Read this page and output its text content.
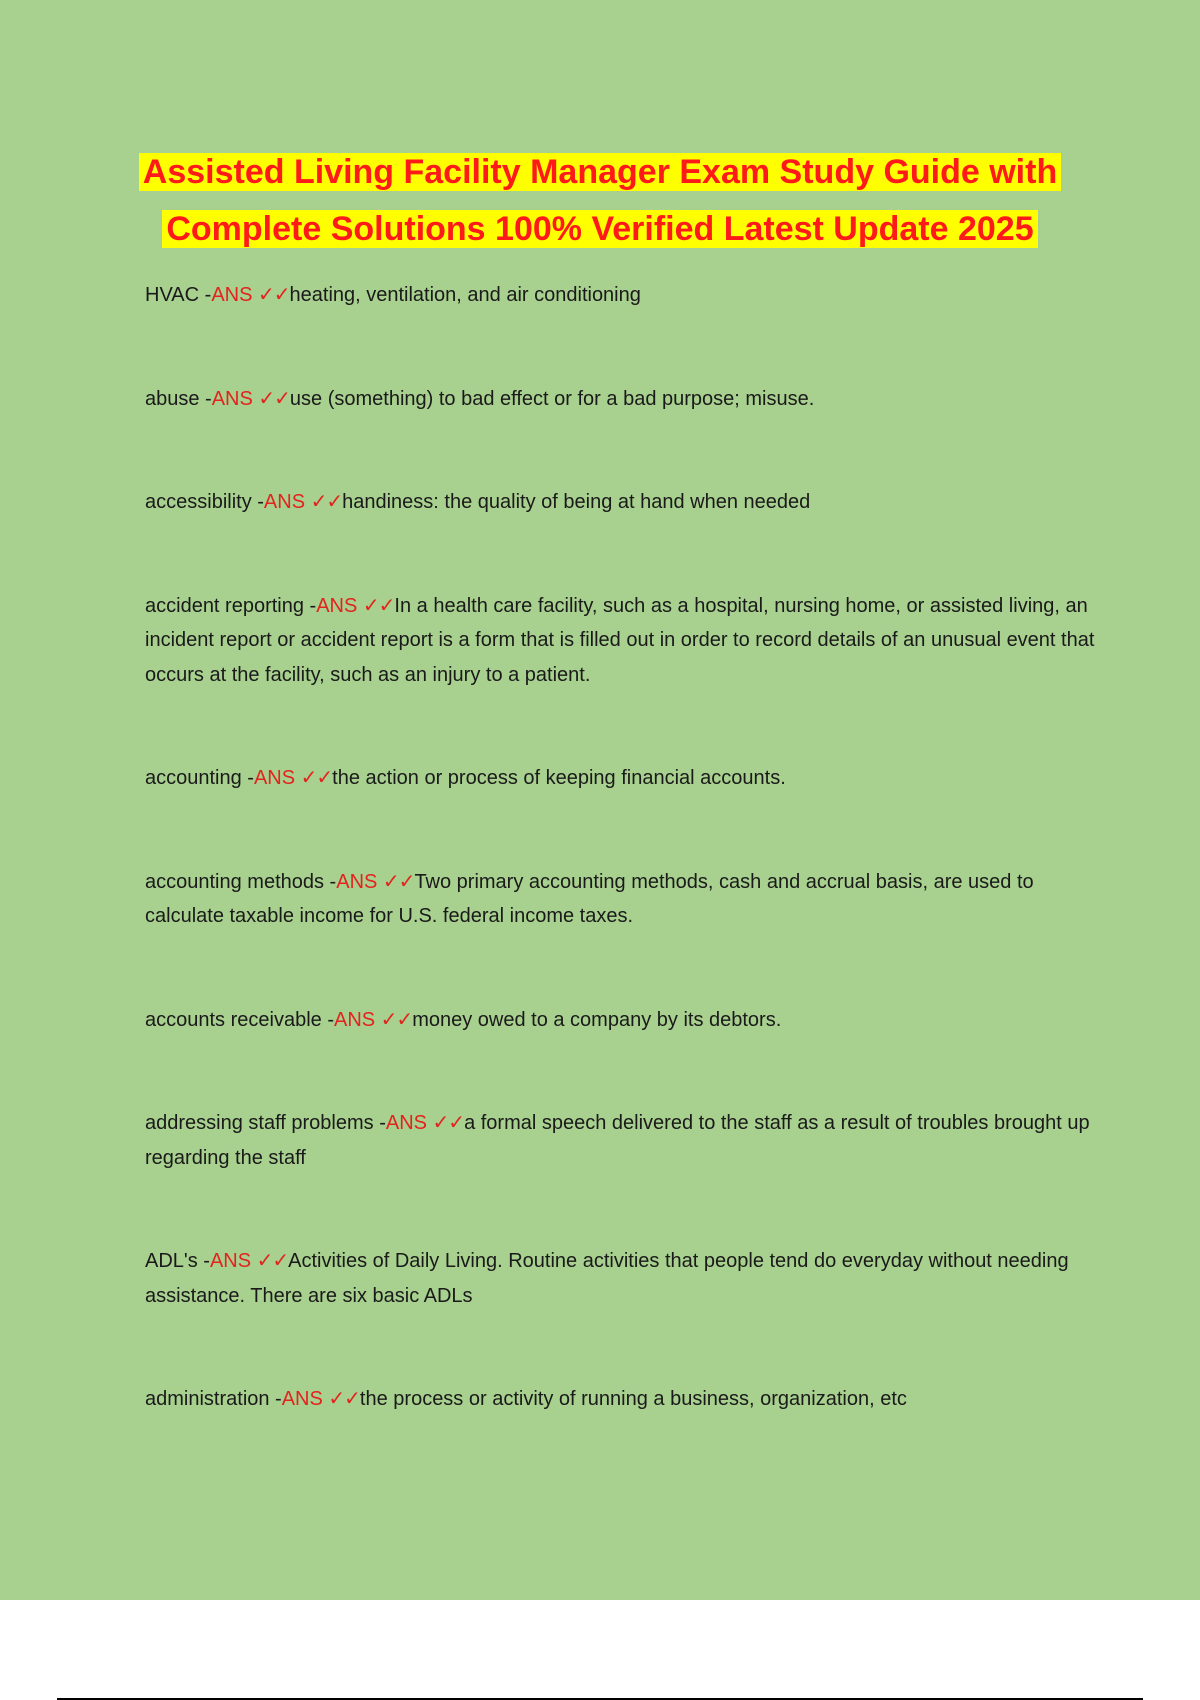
Assisted Living Facility Manager Exam Study Guide with
Complete Solutions 100% Verified Latest Update 2025

HVAC -ANS ✓✓heating, ventilation, and air conditioning

abuse -ANS ✓✓use (something) to bad effect or for a bad purpose; misuse.

accessibility -ANS ✓✓handiness: the quality of being at hand when needed

accident reporting -ANS ✓✓In a health care facility, such as a hospital, nursing home, or assisted living, an incident report or accident report is a form that is filled out in order to record details of an unusual event that occurs at the facility, such as an injury to a patient.

accounting -ANS ✓✓the action or process of keeping financial accounts.

accounting methods -ANS ✓✓Two primary accounting methods, cash and accrual basis, are used to calculate taxable income for U.S. federal income taxes.

accounts receivable -ANS ✓✓money owed to a company by its debtors.

addressing staff problems -ANS ✓✓a formal speech delivered to the staff as a result of troubles brought up regarding the staff

ADL's -ANS ✓✓Activities of Daily Living. Routine activities that people tend do everyday without needing assistance. There are six basic ADLs

administration -ANS ✓✓the process or activity of running a business, organization, etc
